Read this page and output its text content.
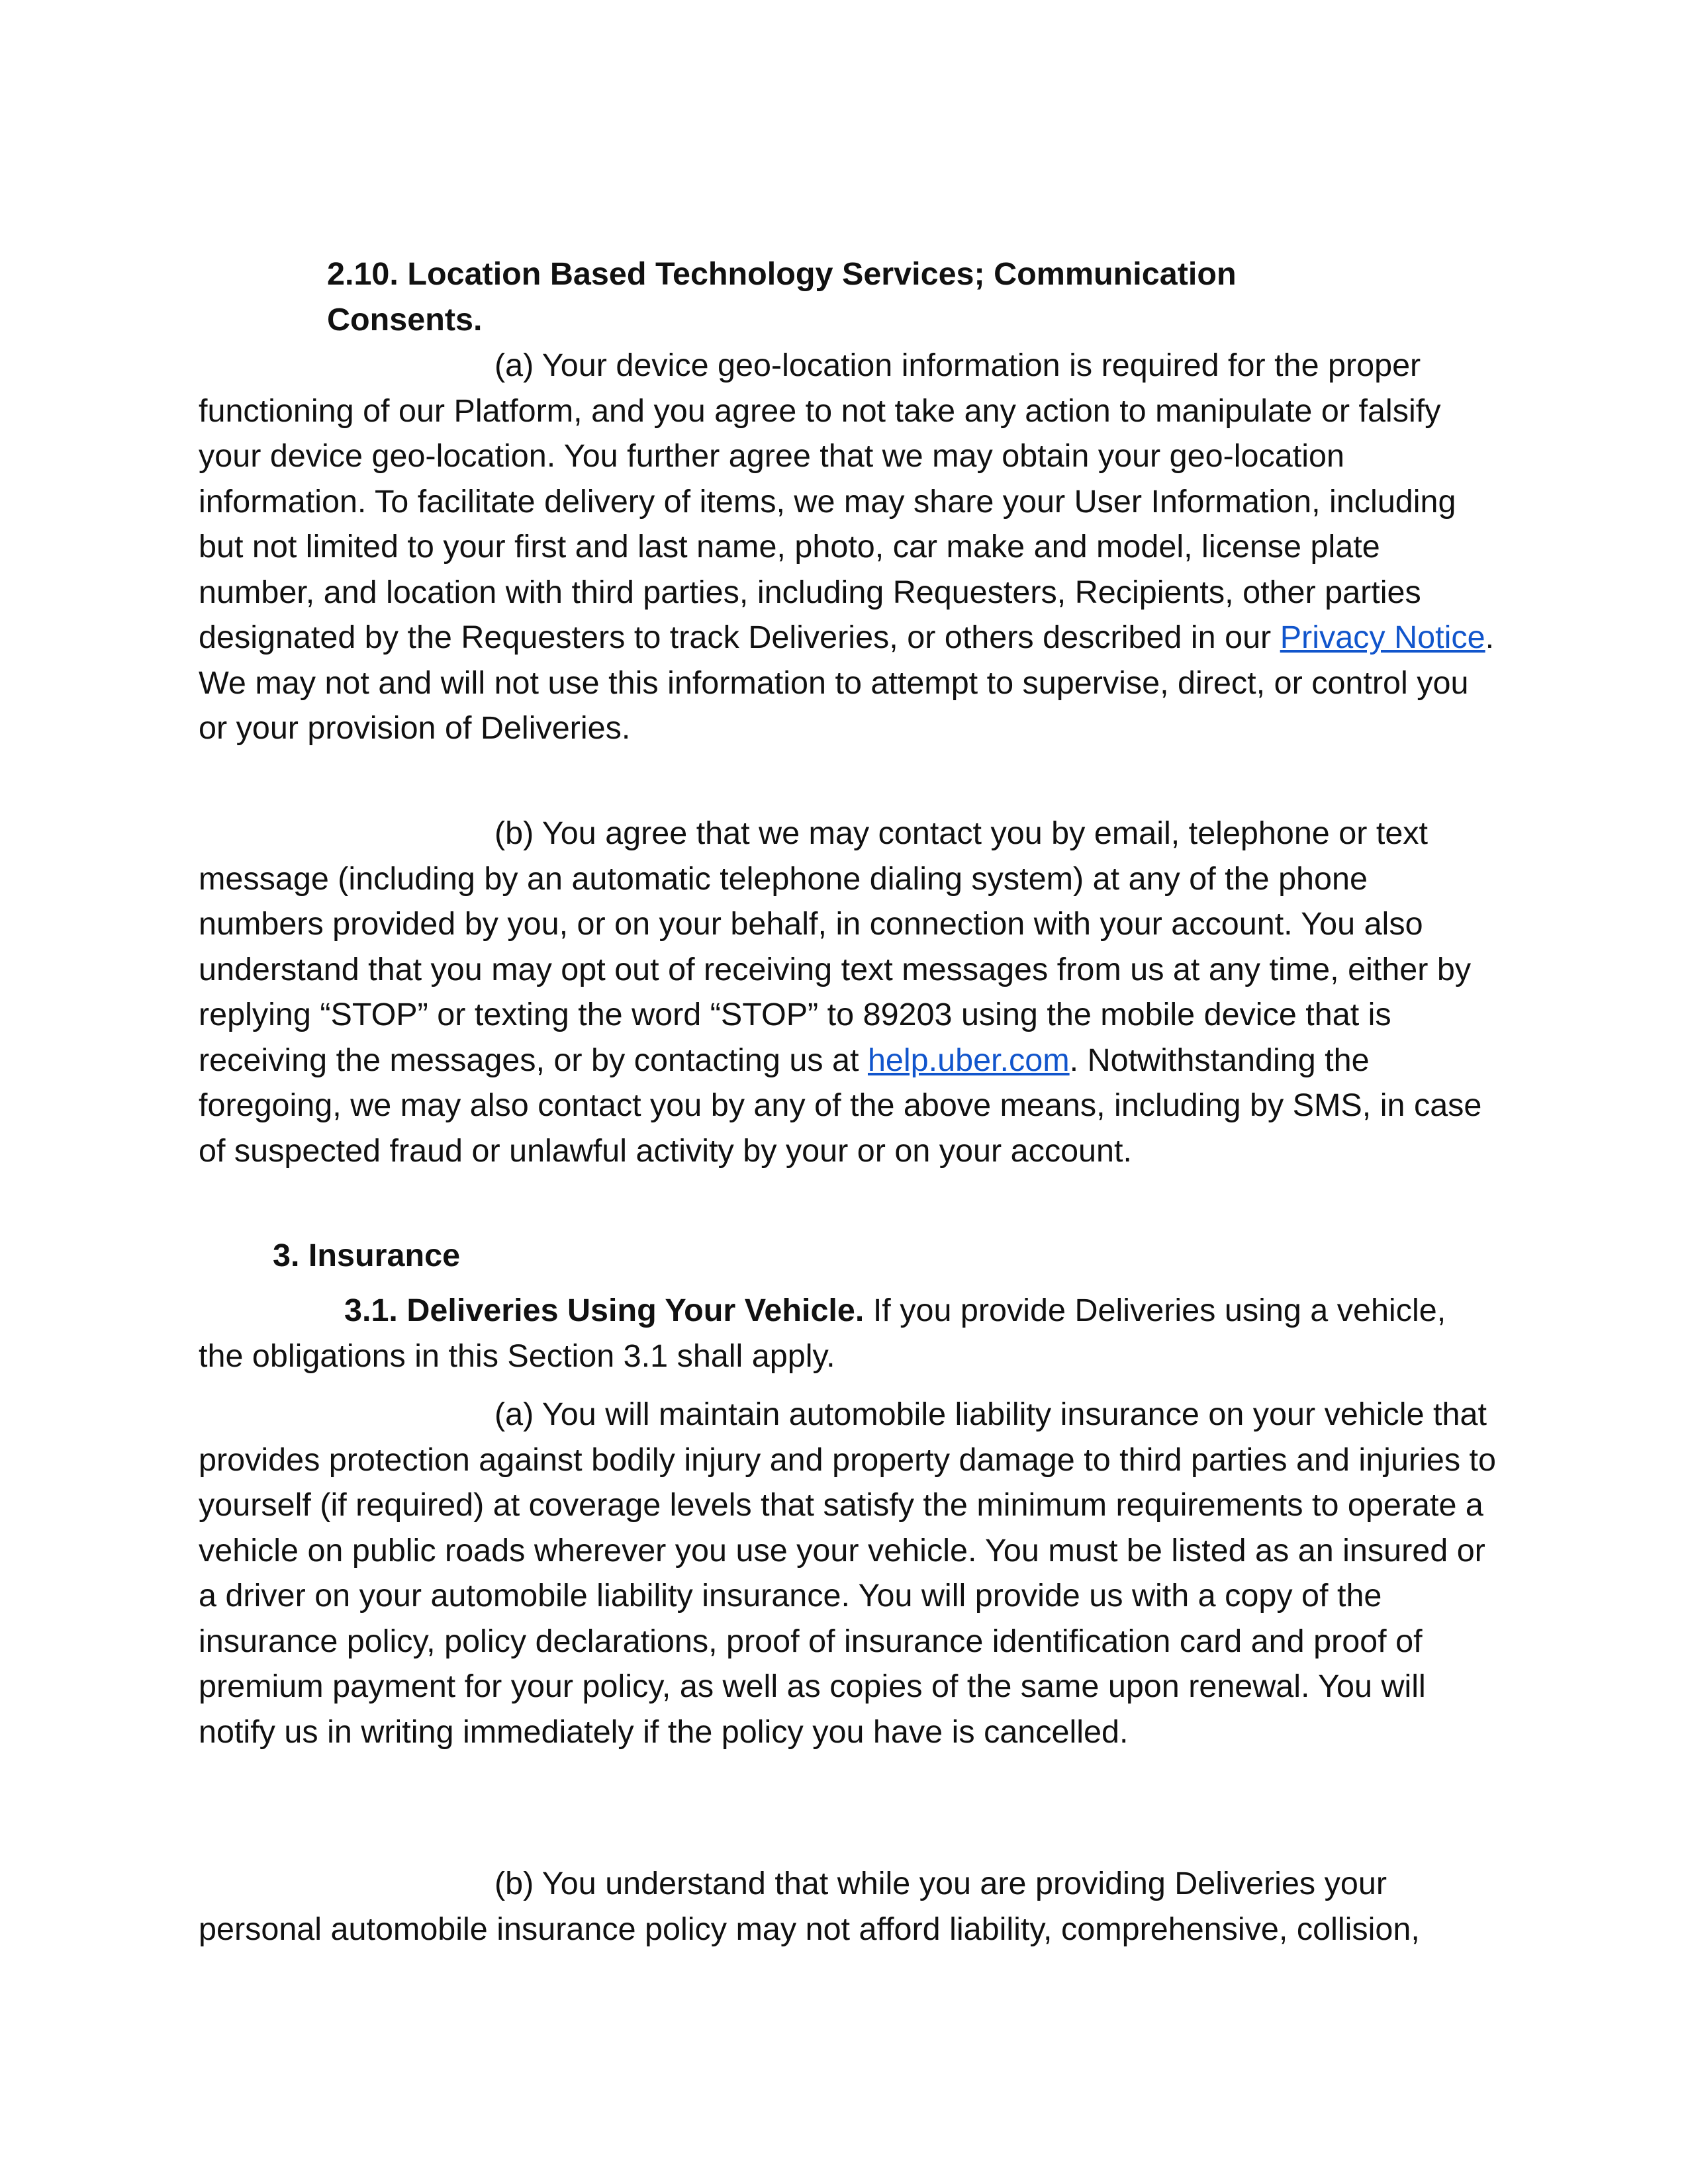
2.10. Location Based Technology Services; Communication
Consents.

(a) Your device geo-location information is required for the proper functioning of our Platform, and you agree to not take any action to manipulate or falsify your device geo-location. You further agree that we may obtain your geo-location information. To facilitate delivery of items, we may share your User Information, including but not limited to your first and last name, photo, car make and model, license plate number, and location with third parties, including Requesters, Recipients, other parties designated by the Requesters to track Deliveries, or others described in our Privacy Notice. We may not and will not use this information to attempt to supervise, direct, or control you or your provision of Deliveries.

(b) You agree that we may contact you by email, telephone or text message (including by an automatic telephone dialing system) at any of the phone numbers provided by you, or on your behalf, in connection with your account. You also understand that you may opt out of receiving text messages from us at any time, either by replying “STOP” or texting the word “STOP” to 89203 using the mobile device that is receiving the messages, or by contacting us at help.uber.com. Notwithstanding the foregoing, we may also contact you by any of the above means, including by SMS, in case of suspected fraud or unlawful activity by your or on your account.

3. Insurance

3.1. Deliveries Using Your Vehicle. If you provide Deliveries using a vehicle, the obligations in this Section 3.1 shall apply.

(a) You will maintain automobile liability insurance on your vehicle that provides protection against bodily injury and property damage to third parties and injuries to yourself (if required) at coverage levels that satisfy the minimum requirements to operate a vehicle on public roads wherever you use your vehicle. You must be listed as an insured or a driver on your automobile liability insurance. You will provide us with a copy of the insurance policy, policy declarations, proof of insurance identification card and proof of premium payment for your policy, as well as copies of the same upon renewal. You will notify us in writing immediately if the policy you have is cancelled.

(b) You understand that while you are providing Deliveries your personal automobile insurance policy may not afford liability, comprehensive, collision,
